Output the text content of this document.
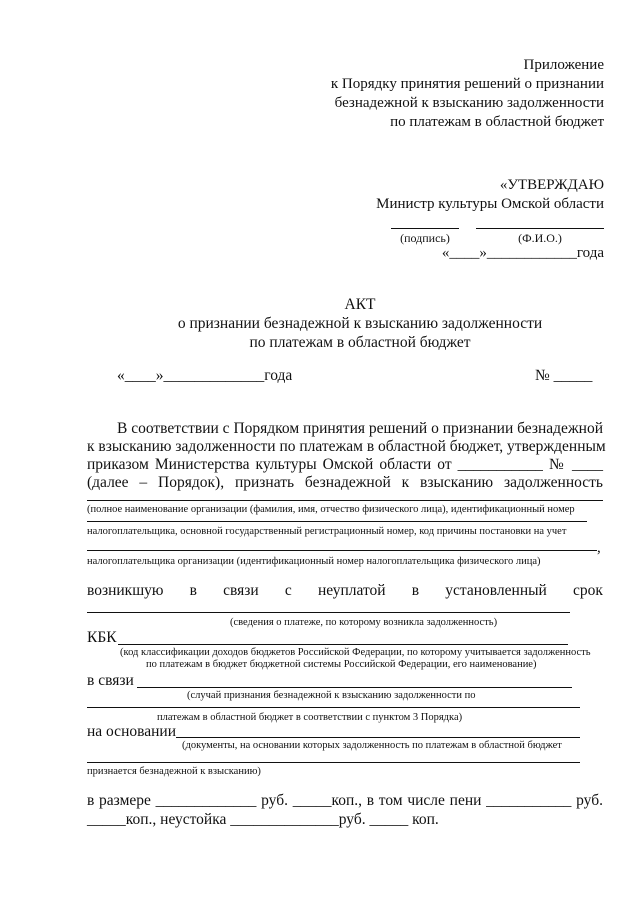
Приложение
к Порядку принятия решений о признании
безнадежной к взысканию задолженности
по платежам в областной бюджет
«УТВЕРЖДАЮ
Министр культуры Омской области
(подпись)	(Ф.И.О.)
«____»____________года
АКТ
о признании безнадежной к взысканию задолженности
по платежам в областной бюджет
«____»_____________года	№ _____
В соответствии с Порядком принятия решений о признании безнадежной
к взысканию задолженности по платежам в областной бюджет, утвержденным
приказом Министерства культуры Омской области от ___________ № ____
(далее – Порядок), признать безнадежной к взысканию задолженность
(полное наименование организации (фамилия, имя, отчество физического лица), идентификационный номер
налогоплательщика, основной государственный регистрационный номер, код причины постановки на учет
,
налогоплательщика организации (идентификационный номер налогоплательщика физического лица)
возникшую в связи с неуплатой в установленный срок
(сведения о платеже, по которому возникла задолженность)
КБК
(код классификации доходов бюджетов Российской Федерации, по которому учитывается задолженность
по платежам в бюджет бюджетной системы Российской Федерации, его наименование)
в связи
(случай признания безнадежной к взысканию задолженности по
платежам в областной бюджет в соответствии с пунктом 3 Порядка)
на основании
(документы, на основании которых задолженность по платежам в областной бюджет
признается безнадежной к взысканию)
в размере _____________ руб. _____коп., в том числе пени ___________ руб.
_____коп., неустойка ______________руб. _____ коп.
